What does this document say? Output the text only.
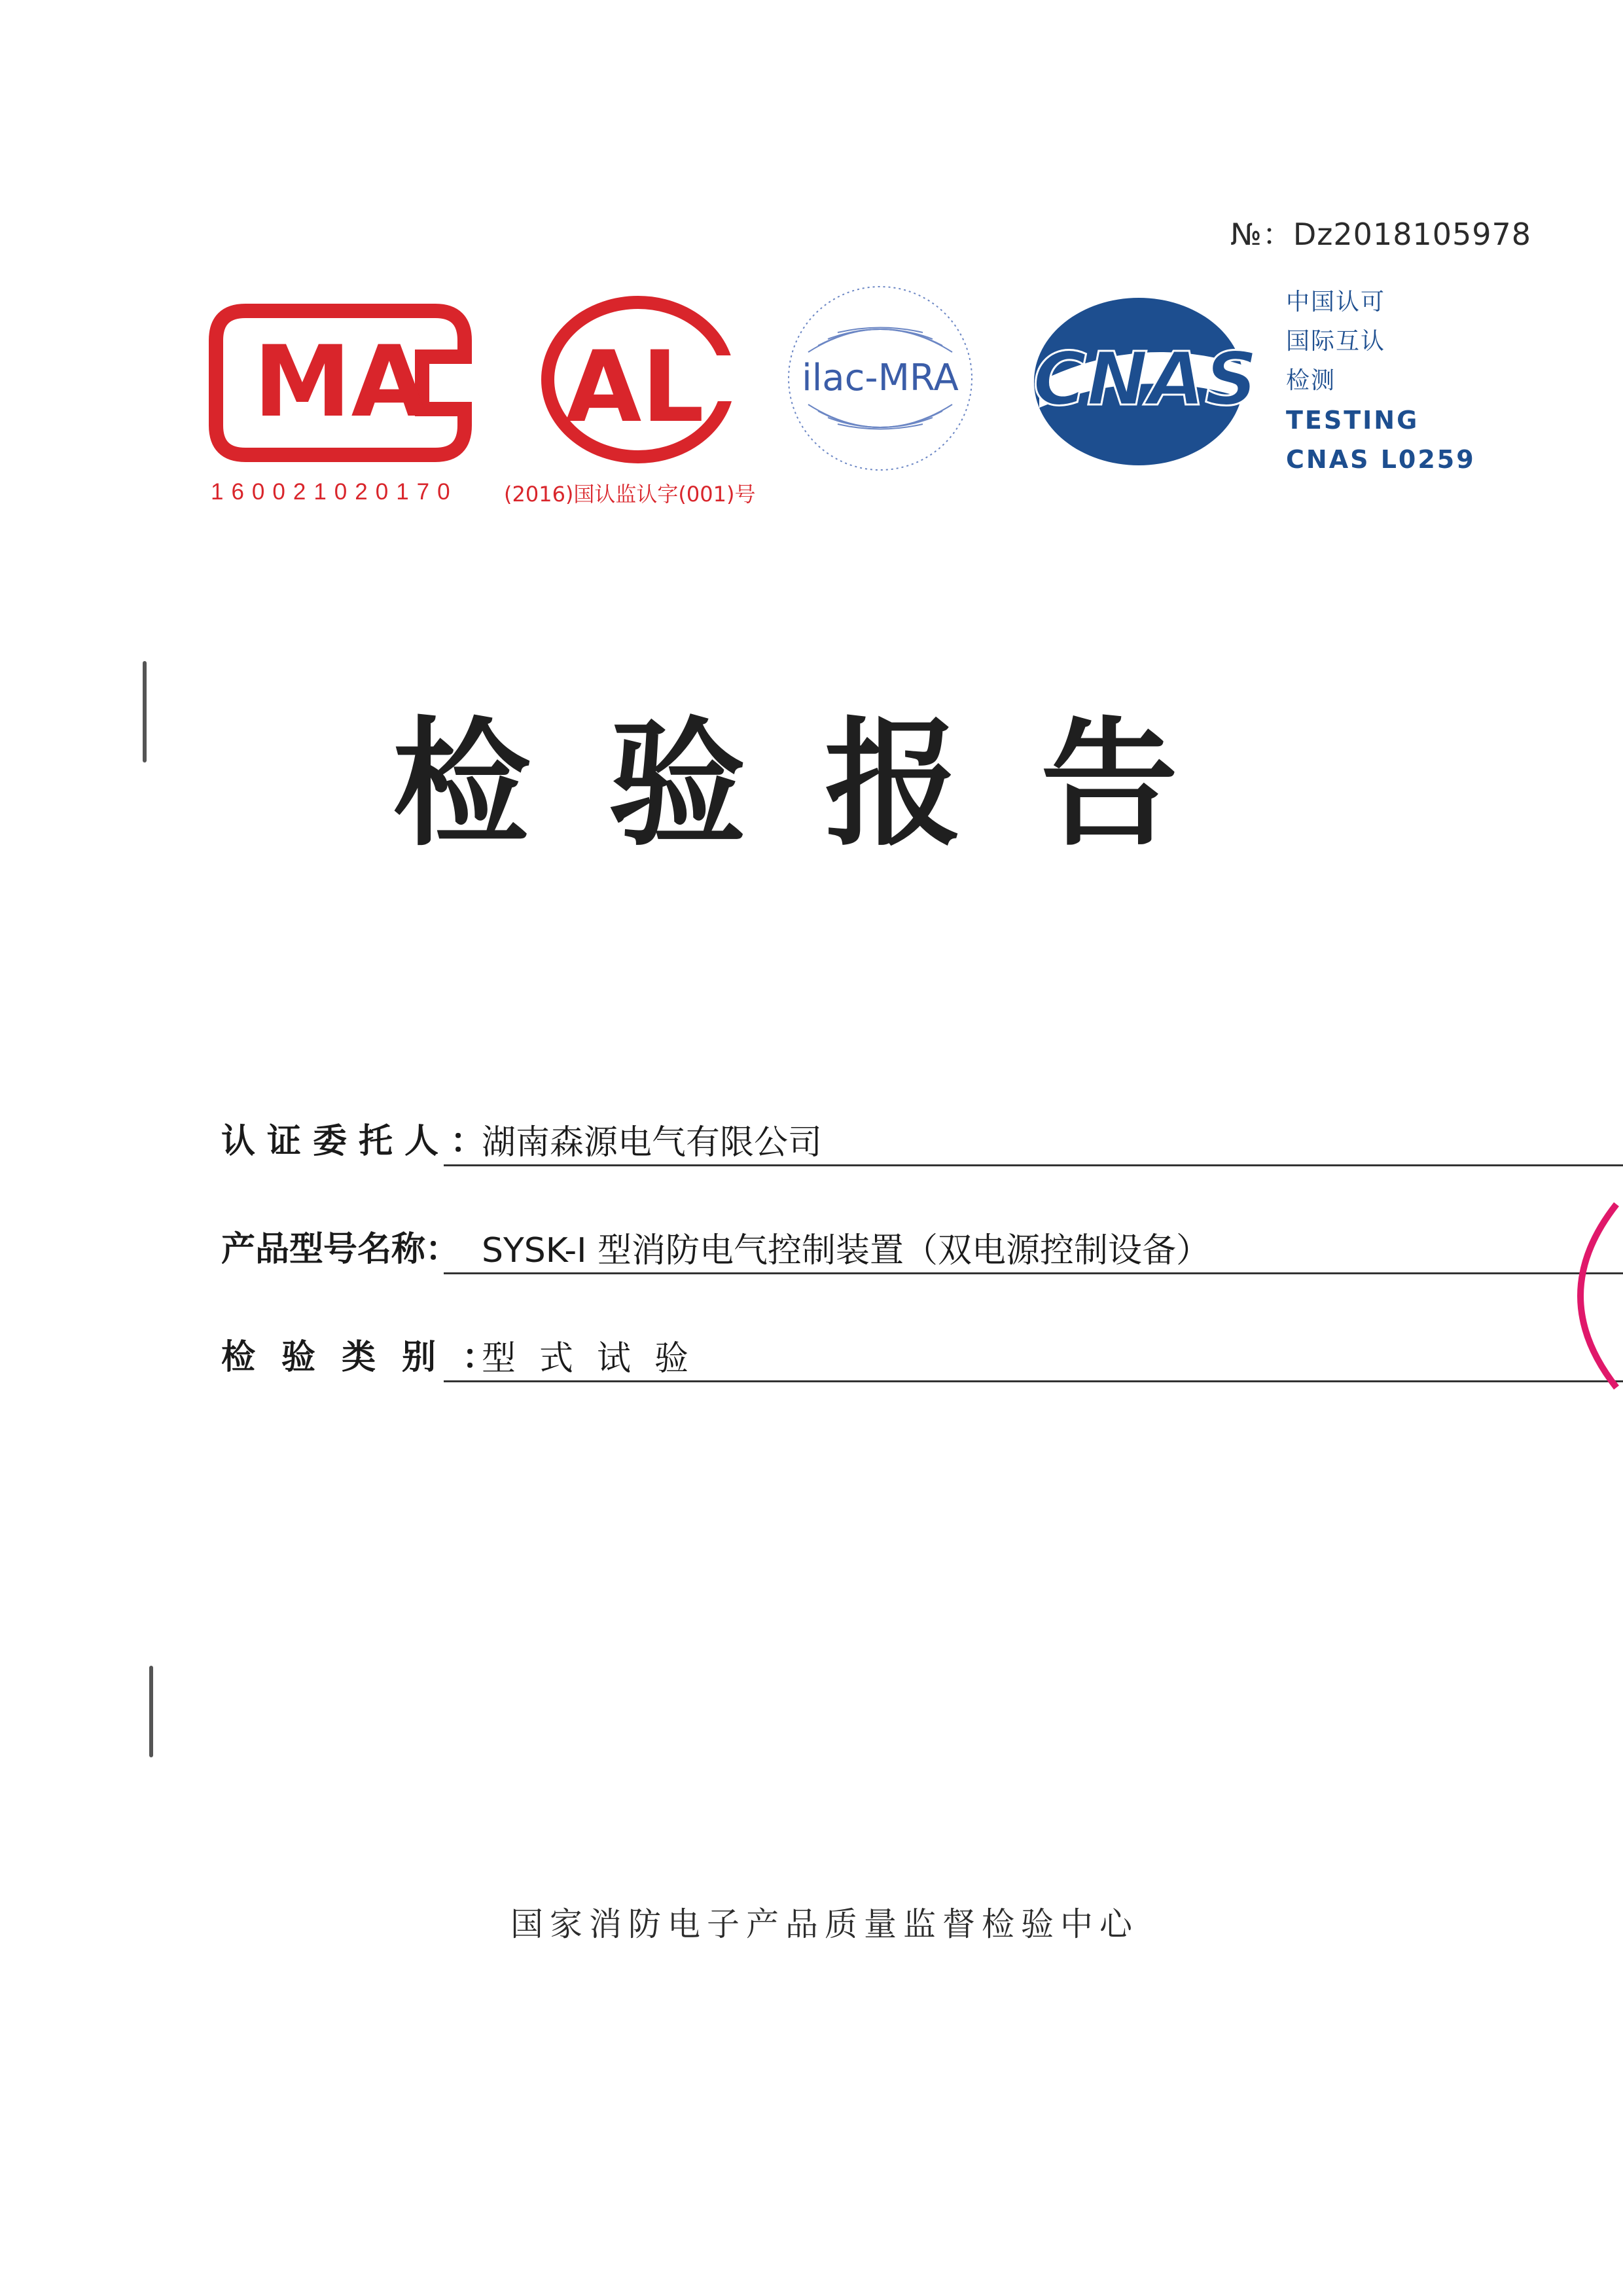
№：Dz2018105978
MA
160021020170
AL
(2016)国认监认字(001)号
ilac-MRA CNAS
中国认可
国际互认
检测
TESTING
CNAS L0259
检验报告
认证委托人：
湖南森源电气有限公司
产品型号名称： SYSK-I 型消防电气控制装置（双电源控制设备）
检验类别：
型式试验
国家消防电子产品质量监督检验中心
